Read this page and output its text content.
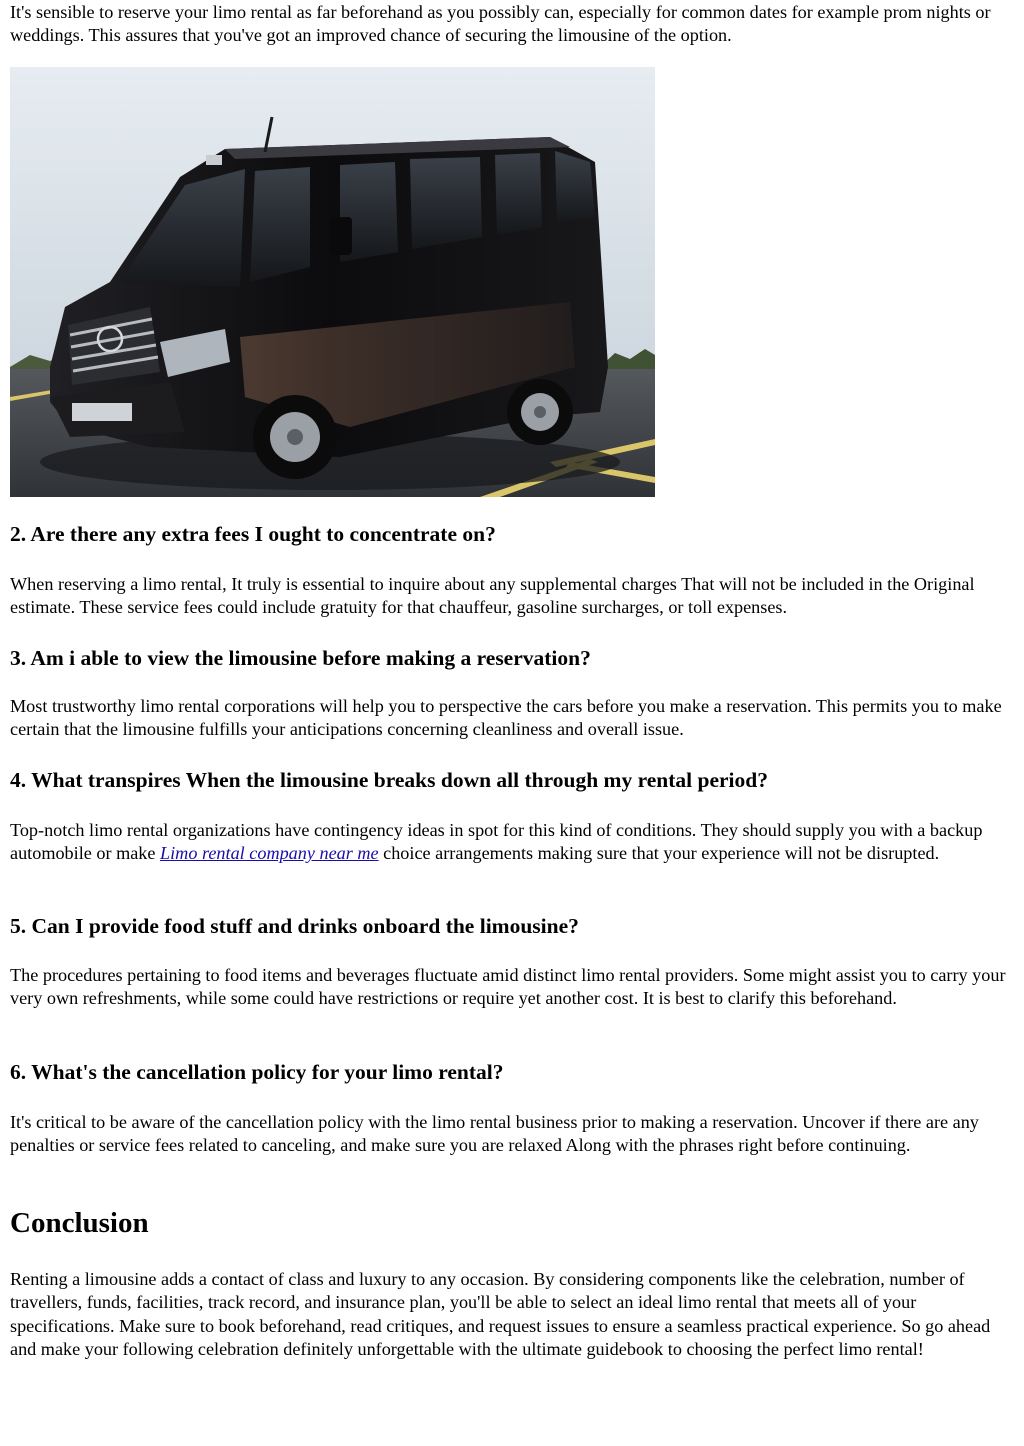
It's sensible to reserve your limo rental as far beforehand as you possibly can, especially for common dates for example prom nights or weddings. This assures that you've got an improved chance of securing the limousine of the option.

2. Are there any extra fees I ought to concentrate on?

When reserving a limo rental, It truly is essential to inquire about any supplemental charges That will not be included in the Original estimate. These service fees could include gratuity for that chauffeur, gasoline surcharges, or toll expenses.

3. Am i able to view the limousine before making a reservation?

Most trustworthy limo rental corporations will help you to perspective the cars before you make a reservation. This permits you to make certain that the limousine fulfills your anticipations concerning cleanliness and overall issue.

4. What transpires When the limousine breaks down all through my rental period?

Top-notch limo rental organizations have contingency ideas in spot for this kind of conditions. They should supply you with a backup automobile or make Limo rental company near me choice arrangements making sure that your experience will not be disrupted.

5. Can I provide food stuff and drinks onboard the limousine?

The procedures pertaining to food items and beverages fluctuate amid distinct limo rental providers. Some might assist you to carry your very own refreshments, while some could have restrictions or require yet another cost. It is best to clarify this beforehand.

6. What's the cancellation policy for your limo rental?

It's critical to be aware of the cancellation policy with the limo rental business prior to making a reservation. Uncover if there are any penalties or service fees related to canceling, and make sure you are relaxed Along with the phrases right before continuing.

Conclusion

Renting a limousine adds a contact of class and luxury to any occasion. By considering components like the celebration, number of travellers, funds, facilities, track record, and insurance plan, you'll be able to select an ideal limo rental that meets all of your specifications. Make sure to book beforehand, read critiques, and request issues to ensure a seamless practical experience. So go ahead and make your following celebration definitely unforgettable with the ultimate guidebook to choosing the perfect limo rental!
